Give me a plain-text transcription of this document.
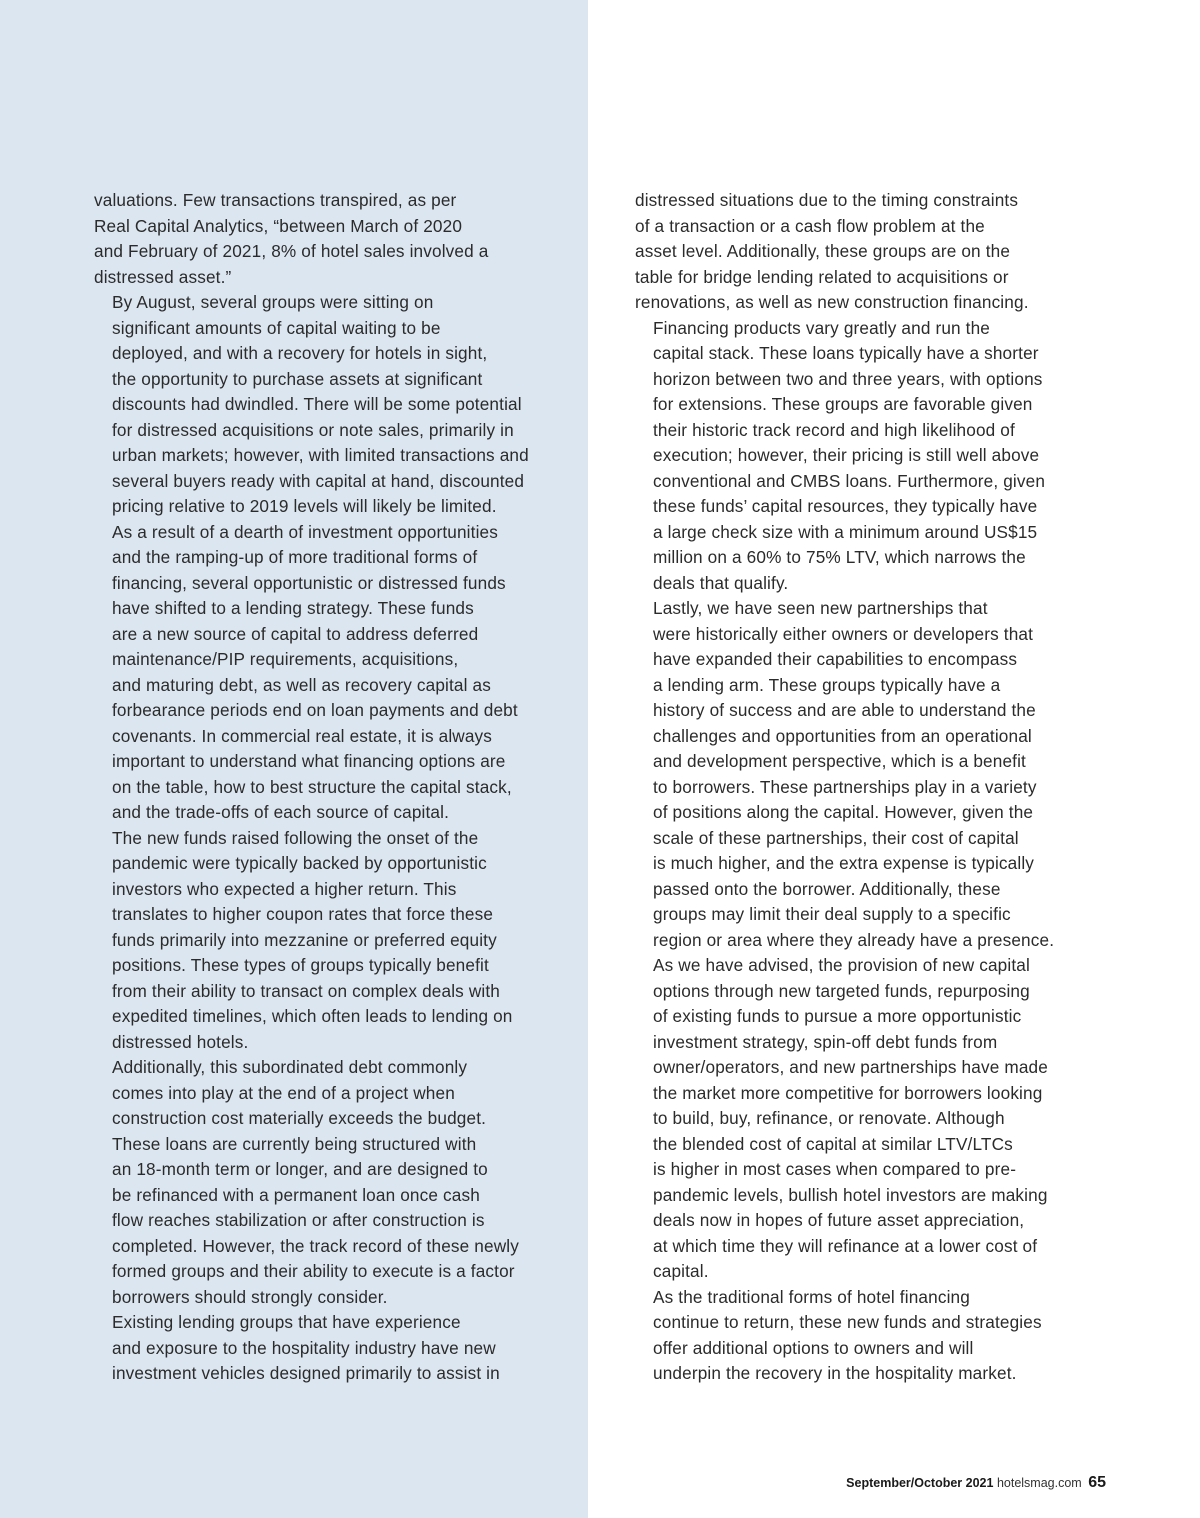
valuations. Few transactions transpired, as per
Real Capital Analytics, “between March of 2020
and February of 2021, 8% of hotel sales involved a
distressed asset.”

By August, several groups were sitting on
significant amounts of capital waiting to be
deployed, and with a recovery for hotels in sight,
the opportunity to purchase assets at significant
discounts had dwindled. There will be some potential
for distressed acquisitions or note sales, primarily in
urban markets; however, with limited transactions and
several buyers ready with capital at hand, discounted
pricing relative to 2019 levels will likely be limited.

As a result of a dearth of investment opportunities
and the ramping-up of more traditional forms of
financing, several opportunistic or distressed funds
have shifted to a lending strategy. These funds
are a new source of capital to address deferred
maintenance/PIP requirements, acquisitions,
and maturing debt, as well as recovery capital as
forbearance periods end on loan payments and debt
covenants. In commercial real estate, it is always
important to understand what financing options are
on the table, how to best structure the capital stack,
and the trade-offs of each source of capital.

The new funds raised following the onset of the
pandemic were typically backed by opportunistic
investors who expected a higher return. This
translates to higher coupon rates that force these
funds primarily into mezzanine or preferred equity
positions. These types of groups typically benefit
from their ability to transact on complex deals with
expedited timelines, which often leads to lending on
distressed hotels.

Additionally, this subordinated debt commonly
comes into play at the end of a project when
construction cost materially exceeds the budget.
These loans are currently being structured with
an 18-month term or longer, and are designed to
be refinanced with a permanent loan once cash
flow reaches stabilization or after construction is
completed. However, the track record of these newly
formed groups and their ability to execute is a factor
borrowers should strongly consider.

Existing lending groups that have experience
and exposure to the hospitality industry have new
investment vehicles designed primarily to assist in

distressed situations due to the timing constraints
of a transaction or a cash flow problem at the
asset level. Additionally, these groups are on the
table for bridge lending related to acquisitions or
renovations, as well as new construction financing.

Financing products vary greatly and run the
capital stack. These loans typically have a shorter
horizon between two and three years, with options
for extensions. These groups are favorable given
their historic track record and high likelihood of
execution; however, their pricing is still well above
conventional and CMBS loans. Furthermore, given
these funds’ capital resources, they typically have
a large check size with a minimum around US$15
million on a 60% to 75% LTV, which narrows the
deals that qualify.

Lastly, we have seen new partnerships that
were historically either owners or developers that
have expanded their capabilities to encompass
a lending arm. These groups typically have a
history of success and are able to understand the
challenges and opportunities from an operational
and development perspective, which is a benefit
to borrowers. These partnerships play in a variety
of positions along the capital. However, given the
scale of these partnerships, their cost of capital
is much higher, and the extra expense is typically
passed onto the borrower. Additionally, these
groups may limit their deal supply to a specific
region or area where they already have a presence.

As we have advised, the provision of new capital
options through new targeted funds, repurposing
of existing funds to pursue a more opportunistic
investment strategy, spin-off debt funds from
owner/operators, and new partnerships have made
the market more competitive for borrowers looking
to build, buy, refinance, or renovate. Although
the blended cost of capital at similar LTV/LTCs
is higher in most cases when compared to pre-
pandemic levels, bullish hotel investors are making
deals now in hopes of future asset appreciation,
at which time they will refinance at a lower cost of
capital.

As the traditional forms of hotel financing
continue to return, these new funds and strategies
offer additional options to owners and will
underpin the recovery in the hospitality market.

September/October 2021 hotelsmag.com 65
